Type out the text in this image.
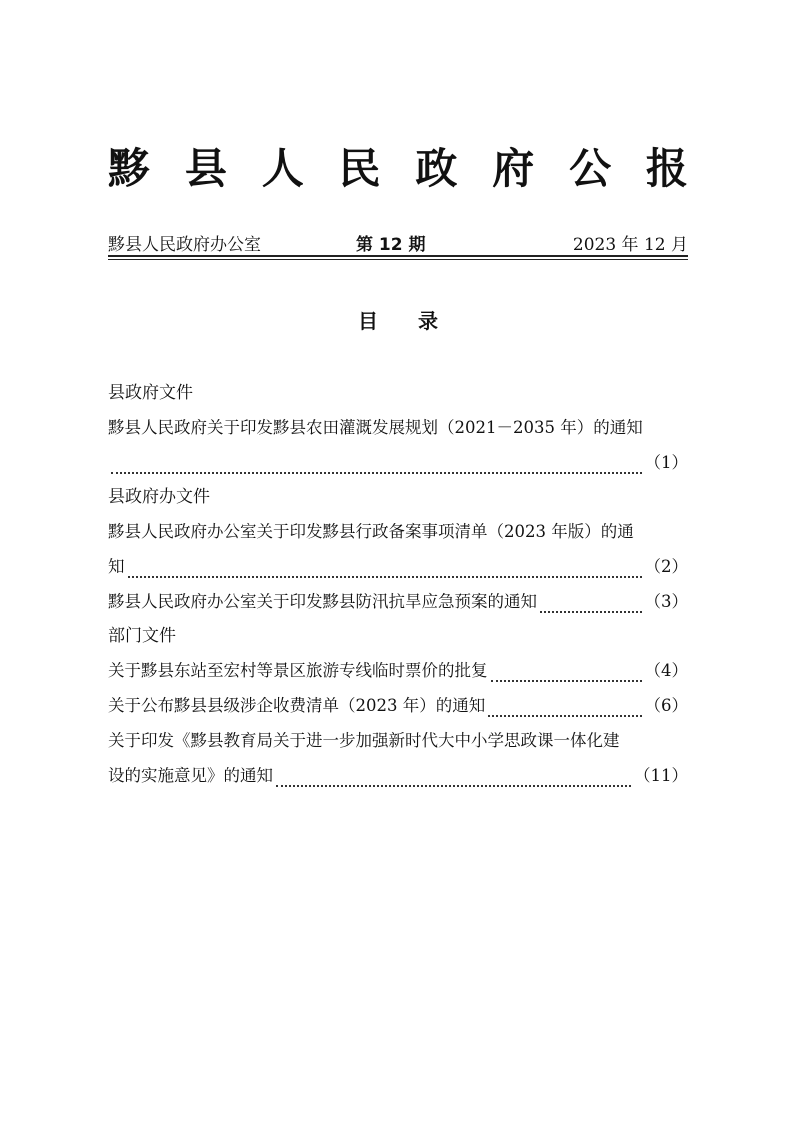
黟 县 人 民 政 府 公 报
黟县人民政府办公室	第 12 期	2023 年 12 月
目录
县政府文件
黟县人民政府关于印发黟县农田灌溉发展规划（2021－2035 年）的通知
（1）
县政府办文件
黟县人民政府办公室关于印发黟县行政备案事项清单（2023 年版）的通
知	（2）
黟县人民政府办公室关于印发黟县防汛抗旱应急预案的通知	（3）
部门文件
关于黟县东站至宏村等景区旅游专线临时票价的批复	（4）
关于公布黟县县级涉企收费清单（2023 年）的通知	（6）
关于印发《黟县教育局关于进一步加强新时代大中小学思政课一体化建
设的实施意见》的通知	（11）
